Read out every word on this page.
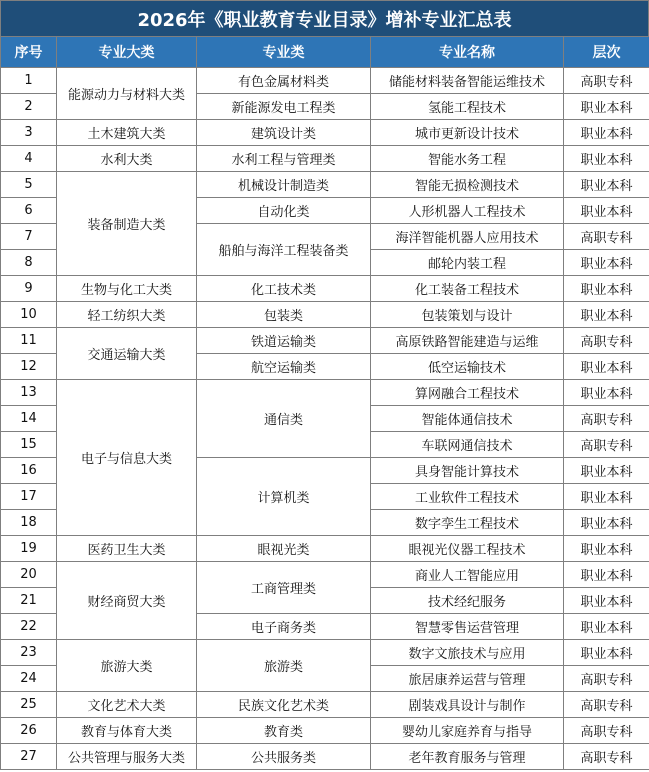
2026年《职业教育专业目录》增补专业汇总表
序号	专业大类	专业类	专业名称	层次
1	能源动力与材料大类	有色金属材料类	储能材料装备智能运维技术	高职专科
2		新能源发电工程类	氢能工程技术	职业本科
3	土木建筑大类	建筑设计类	城市更新设计技术	职业本科
4	水利大类	水利工程与管理类	智能水务工程	职业本科
5	装备制造大类	机械设计制造类	智能无损检测技术	职业本科
6		自动化类	人形机器人工程技术	职业本科
7		船舶与海洋工程装备类	海洋智能机器人应用技术	高职专科
8			邮轮内装工程	职业本科
9	生物与化工大类	化工技术类	化工装备工程技术	职业本科
10	轻工纺织大类	包装类	包装策划与设计	职业本科
11	交通运输大类	铁道运输类	高原铁路智能建造与运维	高职专科
12		航空运输类	低空运输技术	职业本科
13	电子与信息大类	通信类	算网融合工程技术	职业本科
14			智能体通信技术	高职专科
15			车联网通信技术	高职专科
16		计算机类	具身智能计算技术	职业本科
17			工业软件工程技术	职业本科
18			数字孪生工程技术	职业本科
19	医药卫生大类	眼视光类	眼视光仪器工程技术	职业本科
20	财经商贸大类	工商管理类	商业人工智能应用	职业本科
21			技术经纪服务	职业本科
22		电子商务类	智慧零售运营管理	职业本科
23	旅游大类	旅游类	数字文旅技术与应用	职业本科
24			旅居康养运营与管理	高职专科
25	文化艺术大类	民族文化艺术类	剧装戏具设计与制作	高职专科
26	教育与体育大类	教育类	婴幼儿家庭养育与指导	高职专科
27	公共管理与服务大类	公共服务类	老年教育服务与管理	高职专科
